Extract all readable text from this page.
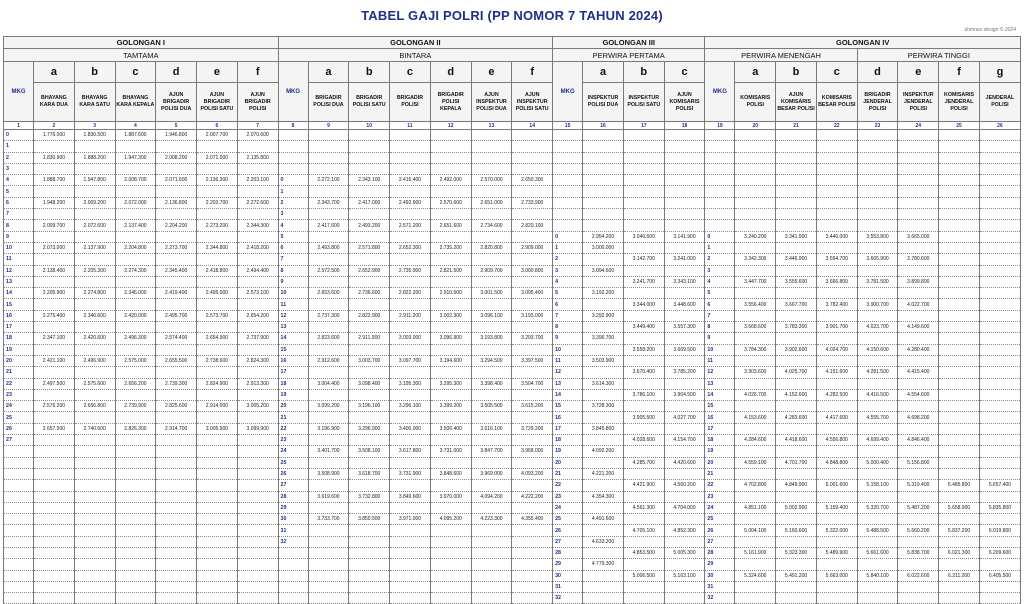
TABEL GAJI POLRI (PP NOMOR 7 TAHUN 2024)
domnez design © 2024
GOLONGAN I							GOLONGAN II							GOLONGAN III				GOLONGAN IV							
TAMTAMA							BINTARA							PERWIRA PERTAMA				PERWIRA MENENGAH				PERWIRA TINGGI			
MKG	a	b	c	d	e	f	MKG	a	b	c	d	e	f	MKG	a	b	c	MKG	a	b	c	d	e	f	g
	BHAYANG KARA DUA	BHAYANG KARA SATU	BHAYANG KARA KEPALA	AJUN BRIGADIR POLISI DUA	AJUN BRIGADIR POLISI SATU	AJUN BRIGADIR POLISI		BRIGADIR POLISI DUA	BRIGADIR POLISI SATU	BRIGADIR POLISI	BRIGADIR POLISI KEPALA	AJUN INSPEKTUR POLISI DUA	AJUN INSPEKTUR POLISI SATU		INSPEKTUR POLISI DUA	INSPEKTUR POLISI SATU	AJUN KOMISARIS POLISI		KOMISARIS POLISI	AJUN KOMISARIS BESAR POLISI	KOMISARIS BESAR POLISI	BRIGADIR JENDERAL POLISI	INSPEKTUR JENDERAL POLISI	KOMISARIS JENDERAL POLISI	JENDERAL POLISI
1	2	3	4	5	6	7	8	9	10	11	12	13	14	15	16	17	18	19	20	21	22	23	24	25	26
0	1.776.000	1.830.500	1.887.600	1.946.800	2.007.700	2.070.600																			
1																									
2	1.830.900	1.888.200	1.947.300	2.008.200	2.071.000	2.135.800																			
3																									
4	1.888.700	1.947.800	2.008.700	2.071.600	2.136.300	2.203.100	0	2.272.100	2.343.100	2.416.400	2.492.000	2.570.000	2.650.300												
5							1																		
6	1.948.200	2.009.200	2.072.000	2.136.800	2.203.700	2.272.600	2	2.343.700	2.417.000	2.492.600	2.570.600	2.651.000	2.733.900												
7							3																		
8	2.009.700	2.072.600	2.137.400	2.204.200	2.273.200	2.344.300	4	2.417.600	2.493.200	2.571.200	2.651.600	2.734.600	2.820.100												
9							5							0	2.954.200	3.046.600	3.141.900	0	3.240.200	3.341.500	3.446.000	3.553.800	3.665.000		
10	2.073.000	2.137.900	2.204.800	2.273.700	2.344.800	2.418.200	6	2.493.800	2.571.800	2.652.300	2.735.200	2.820.800	2.909.000	1	3.000.000			1							
11							7							2		3.142.700	3.241.000	2	3.342.300	3.446.900	3.554.700	3.665.900	3.780.600		
12	2.138.400	2.205.300	2.274.300	2.345.400	2.418.800	2.494.400	8	2.572.500	2.652.900	2.735.900	2.821.500	2.909.700	3.000.800	3	3.094.600			3							
13							9							4		3.241.700	3.343.100	4	3.447.700	3.555.600	3.666.800	3.781.500	3.899.800		
14	2.205.900	2.274.800	2.346.000	2.419.400	2.495.000	2.573.100	10	2.653.600	2.736.600	2.822.200	2.910.500	3.001.500	3.095.400	5	3.192.200			5							
15							11							6		3.344.000	3.448.600	6	3.556.400	3.667.700	3.782.400	3.900.700	4.022.700		
16	2.275.400	2.346.600	2.420.000	2.495.700	2.573.700	2.654.200	12	2.737.300	2.822.900	2.911.200	3.002.300	3.096.100	3.193.000	7	3.292.900			7							
17							13							8		3.449.400	3.557.300	8	3.668.600	3.783.300	3.901.700	4.023.700	4.149.600		
18	2.347.100	2.420.600	2.496.300	2.574.400	2.654.900	2.737.900	14	2.823.600	2.911.900	3.003.000	3.096.900	3.193.800	3.293.700	9	3.396.700			9							
19							15							10		3.558.200	3.669.500	10	3.784.300	3.902.600	4.024.700	4.150.600	4.280.400		
20	2.421.100	2.496.900	2.575.000	2.655.500	2.738.600	2.824.300	16	2.912.600	3.003.700	3.097.700	3.194.600	3.294.500	3.397.500	11	3.503.900			11							
21							17							12		3.670.400	3.785.200	12	3.903.600	4.025.700	4.151.600	4.281.500	4.415.400		
22	2.497.500	2.575.600	2.656.200	2.739.300	2.824.900	2.913.300	18	3.004.400	3.098.400	3.195.300	3.295.300	3.398.400	3.504.700	13	3.614.300			13							
23							19							14		3.786.100	3.904.500	14	4.026.700	4.152.600	4.282.500	4.416.500	4.554.600		
24	2.576.200	2.656.800	2.739.900	2.825.600	2.914.000	3.005.200	20	3.099.200	3.196.100	3.296.100	3.399.200	3.505.500	3.615.200	15	3.728.300			15							
25							21							16		3.905.500	4.027.700	16	4.153.600	4.283.600	4.417.600	4.555.700	4.698.200		
26	2.657.500	2.740.600	2.826.300	2.914.700	3.005.900	3.099.900	22	3.196.900	3.296.900	3.400.000	3.506.400	3.616.100	3.729.200	17	3.845.800			17							
27							23							18		4.028.600	4.154.700	18	4.284.600	4.418.600	4.556.800	4.699.400	4.846.400		
							24	3.401.700	3.508.100	3.617.800	3.731.000	3.847.700	3.968.000	19	4.092.200			19							
							25							20		4.285.700	4.420.600	20	4.559.100	4.701.700	4.848.800	5.000.400	5.156.800		
							26	3.508.900	3.618.700	3.731.900	3.848.600	3.969.000	4.093.200	21	4.221.200			21							
							27							22		4.421.900	4.560.200	22	4.702.800	4.849.900	5.001.600	5.158.100	5.319.400	5.485.800	5.657.400
							28	3.619.600	3.732.800	3.849.600	3.970.000	4.094.200	4.222.200	23	4.354.300			23							
							29							24		4.561.300	4.704.000	24	4.851.100	5.002.900	5.159.400	5.320.700	5.487.200	5.658.900	5.835.800
							30	3.733.700	3.850.500	3.971.000	4.095.200	4.223.300	4.355.400	25	4.491.600			25							
							31							26		4.705.100	4.852.300	26	5.004.100	5.160.600	5.322.000	5.488.500	5.660.200	5.837.200	6.019.800
							32							27	4.633.200			27							
														28		4.853.500	5.005.300	28	5.161.900	5.323.300	5.489.900	5.661.600	5.838.700	6.021.300	6.209.600
														29	4.779.300			29							
														30		5.006.500	5.163.100	30	5.324.600	5.491.200	5.663.000	5.840.100	6.022.600	6.211.200	6.405.500
														31				31							
														32				32							
